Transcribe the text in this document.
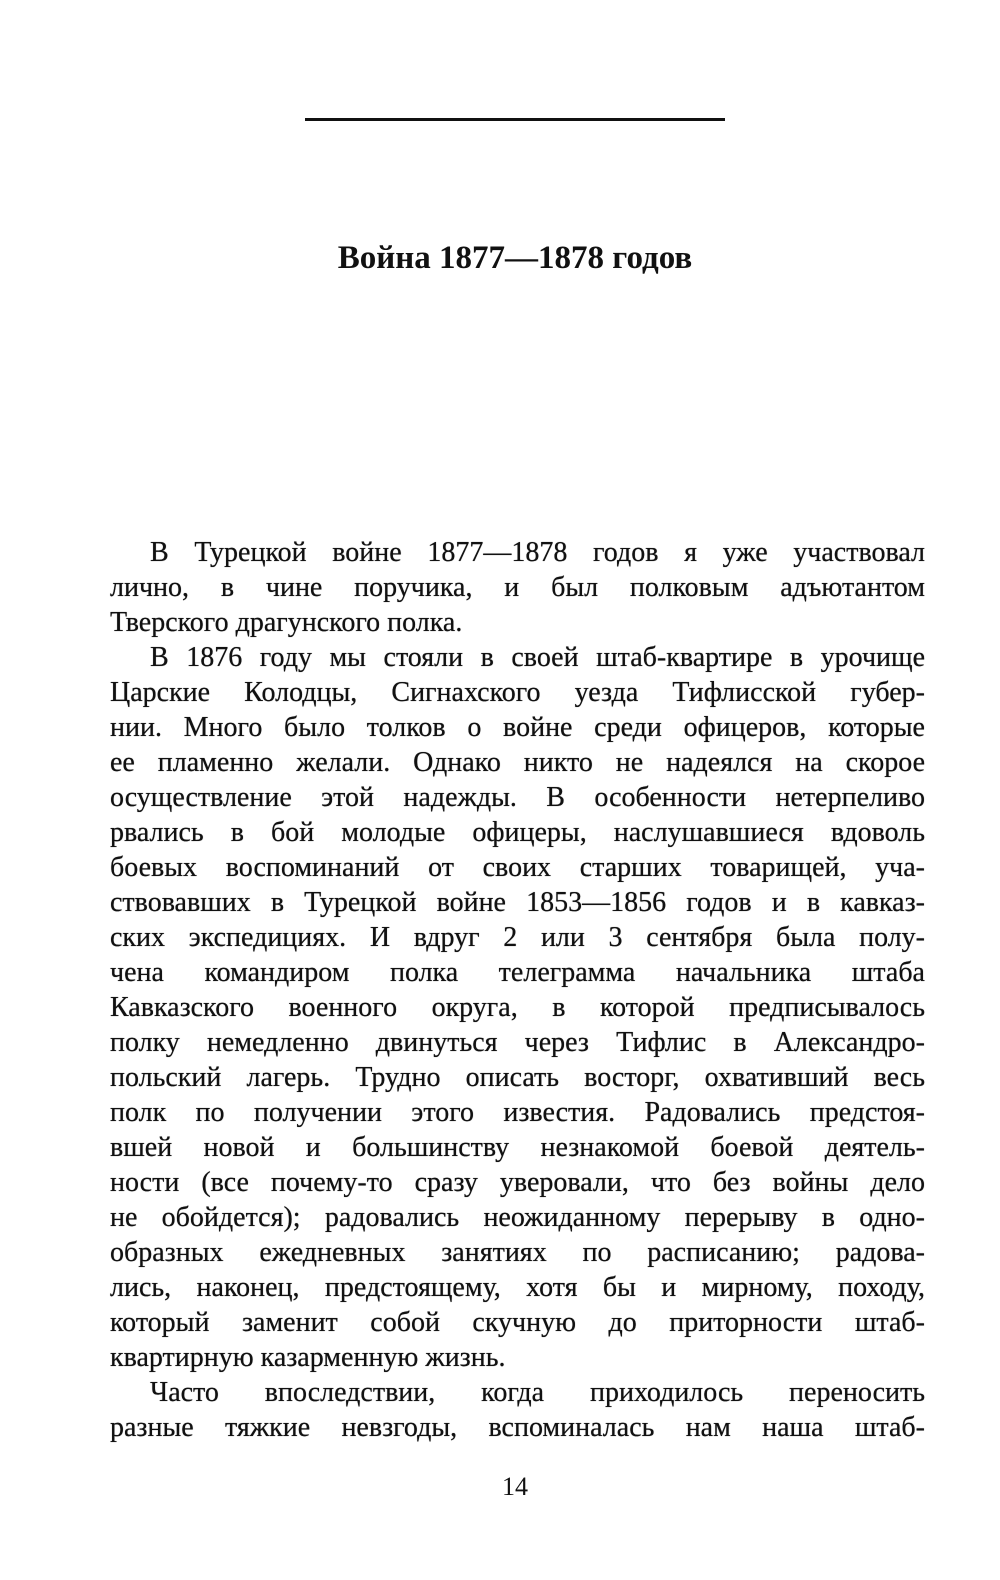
Война 1877—1878 годов
В Турецкой войне 1877—1878 годов я уже участвовал
лично, в чине поручика, и был полковым адъютантом
Тверского драгунского полка.
В 1876 году мы стояли в своей штаб-квартире в урочище
Царские Колодцы, Сигнахского уезда Тифлисской губер-
нии. Много было толков о войне среди офицеров, которые
ее пламенно желали. Однако никто не надеялся на скорое
осуществление этой надежды. В особенности нетерпеливо
рвались в бой молодые офицеры, наслушавшиеся вдоволь
боевых воспоминаний от своих старших товарищей, уча-
ствовавших в Турецкой войне 1853—1856 годов и в кавказ-
ских экспедициях. И вдруг 2 или 3 сентября была полу-
чена командиром полка телеграмма начальника штаба
Кавказского военного округа, в которой предписывалось
полку немедленно двинуться через Тифлис в Александро-
польский лагерь. Трудно описать восторг, охвативший весь
полк по получении этого известия. Радовались предстоя-
вшей новой и большинству незнакомой боевой деятель-
ности (все почему-то сразу уверовали, что без войны дело
не обойдется); радовались неожиданному перерыву в одно-
образных ежедневных занятиях по расписанию; радова-
лись, наконец, предстоящему, хотя бы и мирному, походу,
который заменит собой скучную до приторности штаб-
квартирную казарменную жизнь.
Часто впоследствии, когда приходилось переносить
разные тяжкие невзгоды, вспоминалась нам наша штаб-
14
